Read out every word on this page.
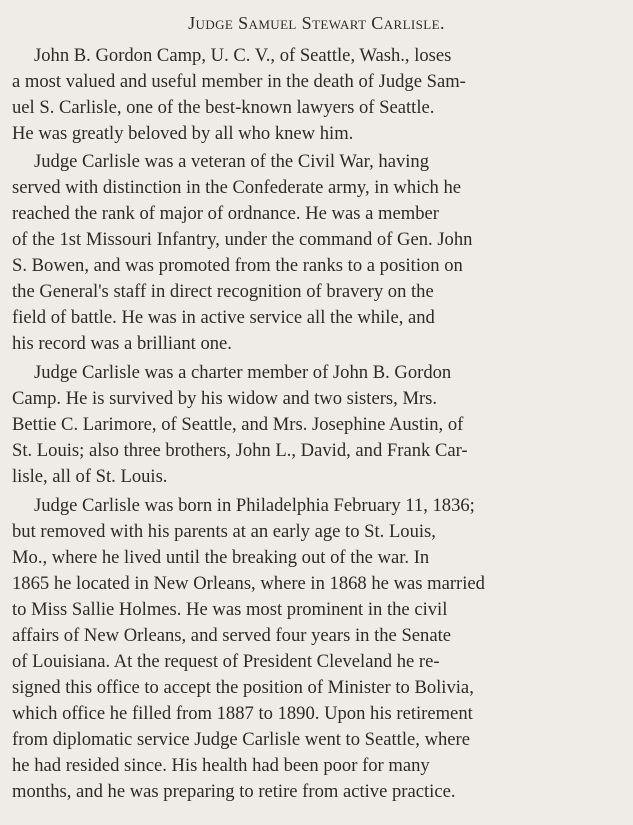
Judge Samuel Stewart Carlisle.
John B. Gordon Camp, U. C. V., of Seattle, Wash., loses
a most valued and useful member in the death of Judge Sam-
uel S. Carlisle, one of the best-known lawyers of Seattle.
He was greatly beloved by all who knew him.
Judge Carlisle was a veteran of the Civil War, having
served with distinction in the Confederate army, in which he
reached the rank of major of ordnance. He was a member
of the 1st Missouri Infantry, under the command of Gen. John
S. Bowen, and was promoted from the ranks to a position on
the General's staff in direct recognition of bravery on the
field of battle. He was in active service all the while, and
his record was a brilliant one.
Judge Carlisle was a charter member of John B. Gordon
Camp. He is survived by his widow and two sisters, Mrs.
Bettie C. Larimore, of Seattle, and Mrs. Josephine Austin, of
St. Louis; also three brothers, John L., David, and Frank Car-
lisle, all of St. Louis.
Judge Carlisle was born in Philadelphia February 11, 1836;
but removed with his parents at an early age to St. Louis,
Mo., where he lived until the breaking out of the war. In
1865 he located in New Orleans, where in 1868 he was married
to Miss Sallie Holmes. He was most prominent in the civil
affairs of New Orleans, and served four years in the Senate
of Louisiana. At the request of President Cleveland he re-
signed this office to accept the position of Minister to Bolivia,
which office he filled from 1887 to 1890. Upon his retirement
from diplomatic service Judge Carlisle went to Seattle, where
he had resided since. His health had been poor for many
months, and he was preparing to retire from active practice.
